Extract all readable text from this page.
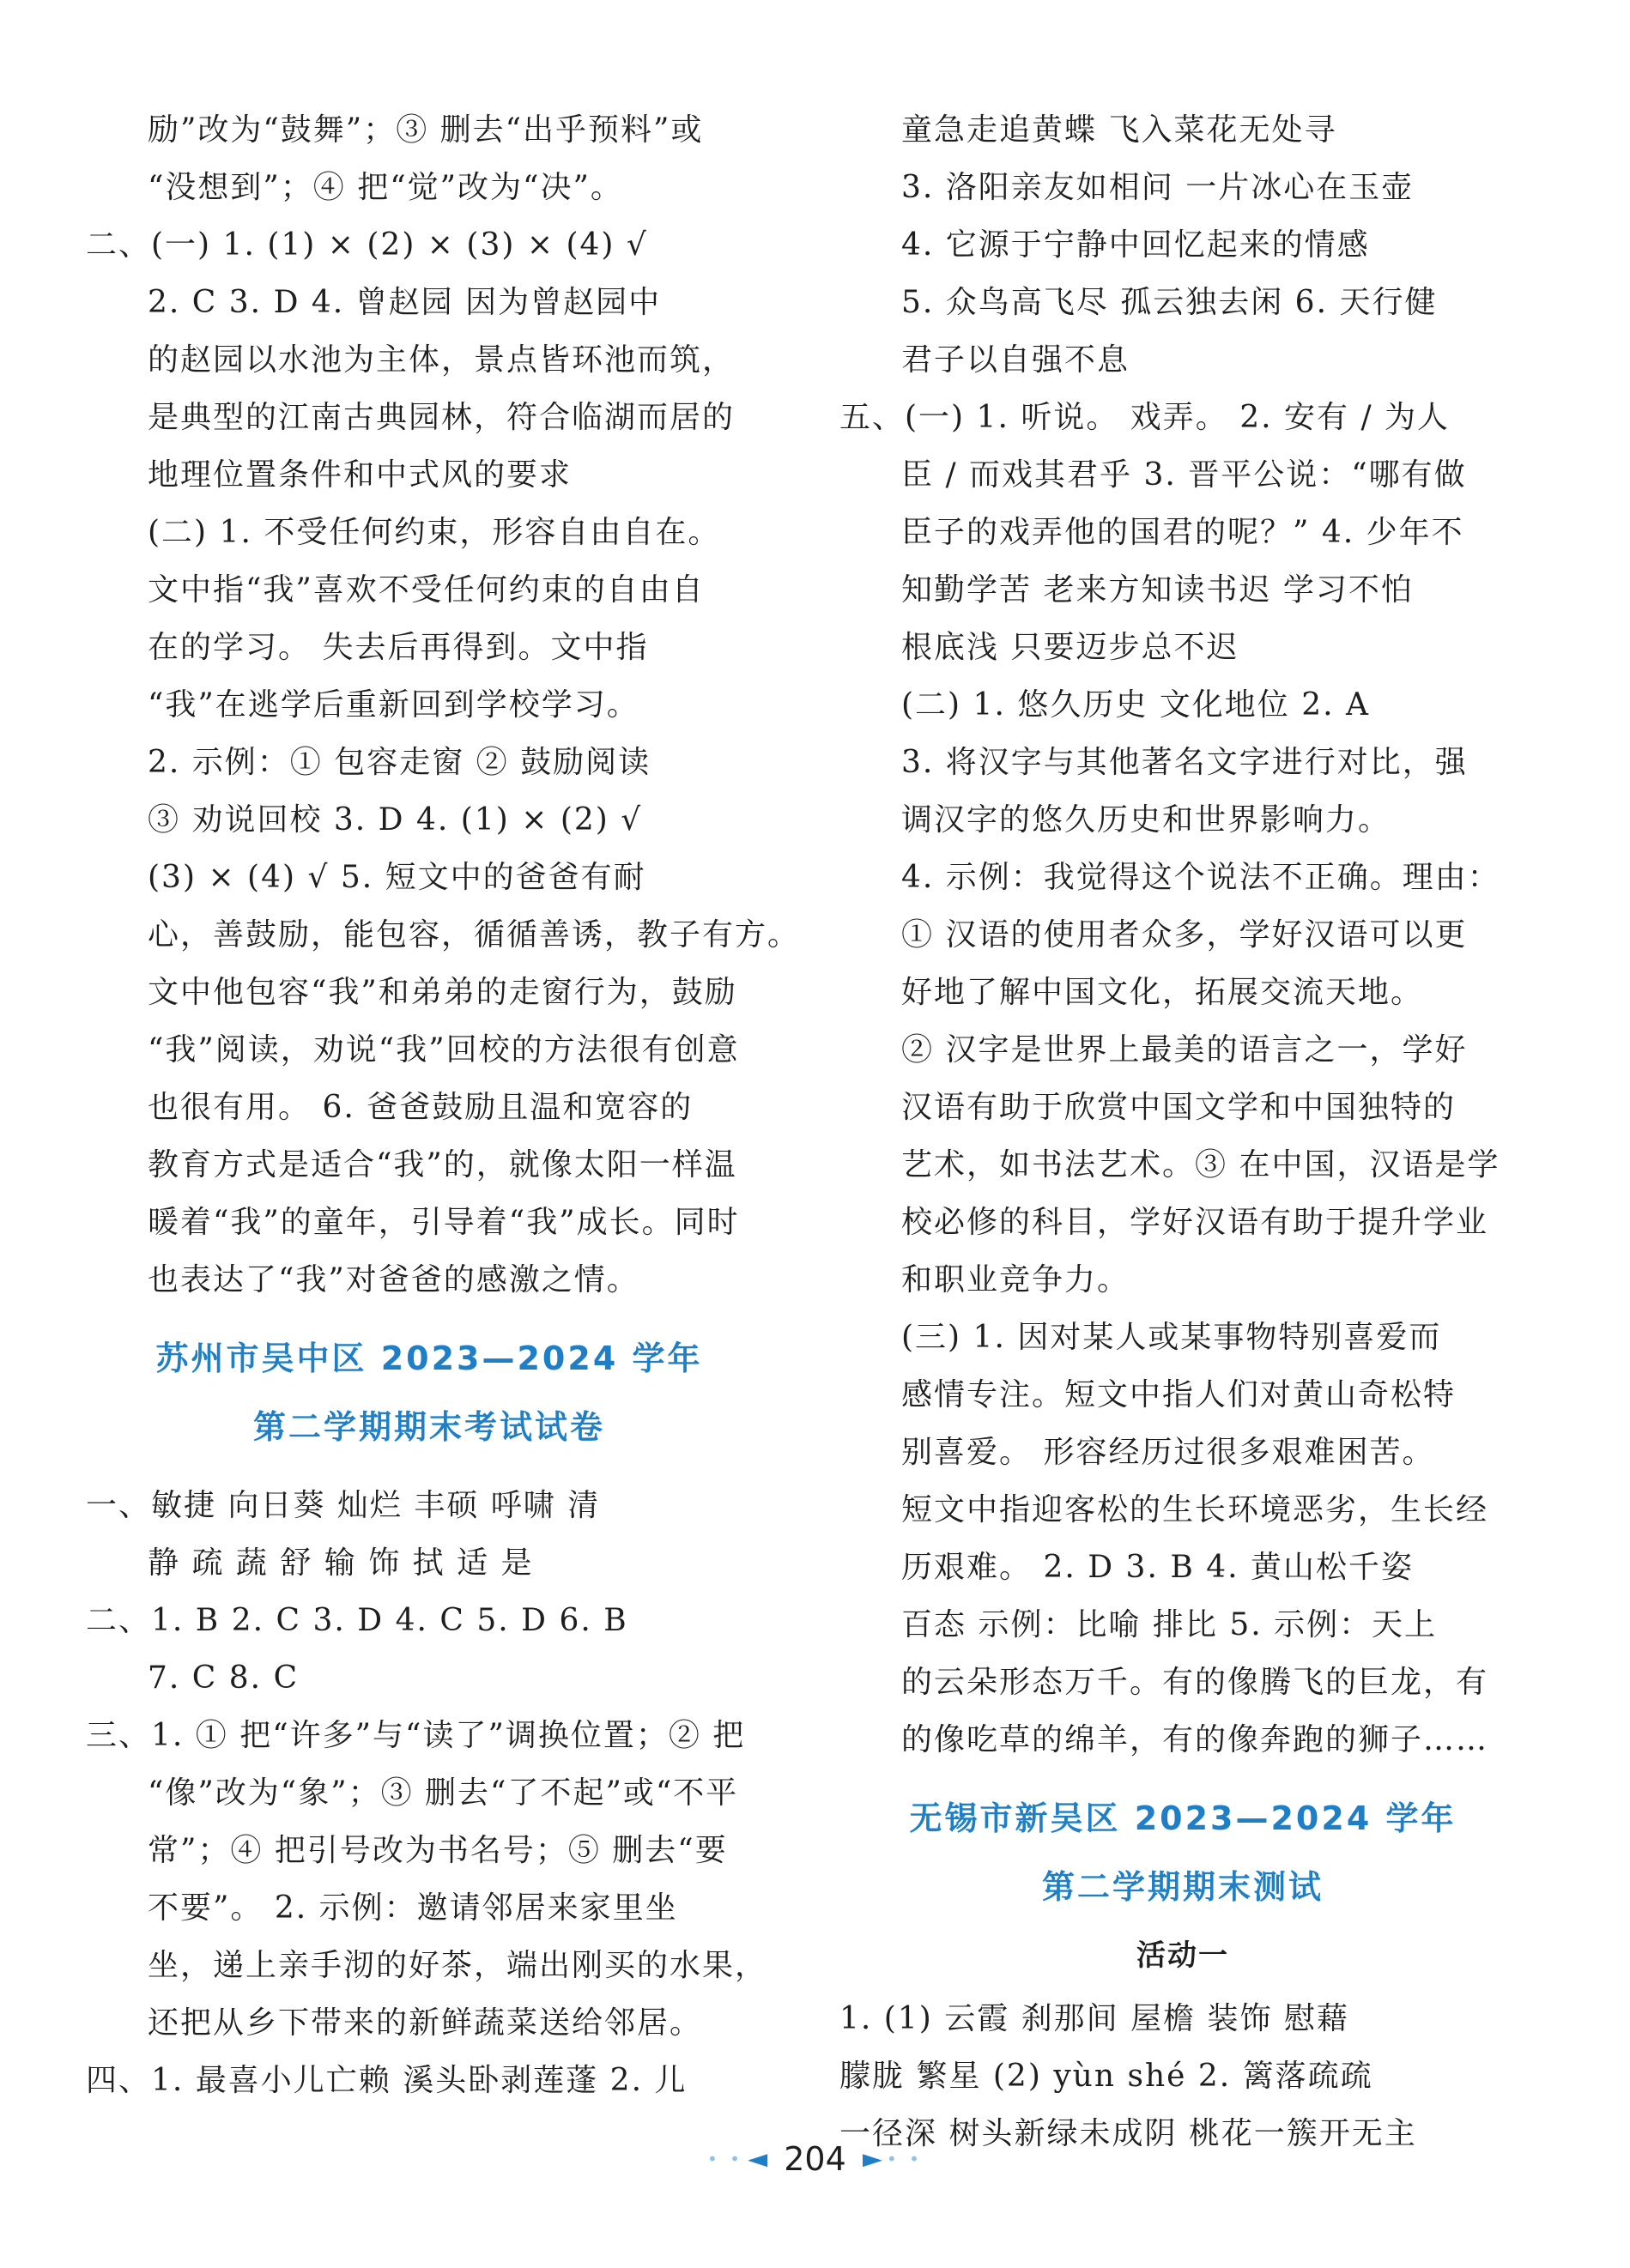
励”改为“鼓舞”；③ 删去“出乎预料”或
“没想到”；④ 把“觉”改为“决”。
二、(一) 1. (1) × (2) × (3) × (4) √
2. C 3. D 4. 曾赵园 因为曾赵园中
的赵园以水池为主体，景点皆环池而筑，
是典型的江南古典园林，符合临湖而居的
地理位置条件和中式风的要求
(二) 1. 不受任何约束，形容自由自在。
文中指“我”喜欢不受任何约束的自由自
在的学习。 失去后再得到。文中指
“我”在逃学后重新回到学校学习。
2. 示例：① 包容走窗 ② 鼓励阅读
③ 劝说回校 3. D 4. (1) × (2) √
(3) × (4) √ 5. 短文中的爸爸有耐
心，善鼓励，能包容，循循善诱，教子有方。
文中他包容“我”和弟弟的走窗行为，鼓励
“我”阅读，劝说“我”回校的方法很有创意
也很有用。 6. 爸爸鼓励且温和宽容的
教育方式是适合“我”的，就像太阳一样温
暖着“我”的童年，引导着“我”成长。同时
也表达了“我”对爸爸的感激之情。
苏州市吴中区 2023—2024 学年
第二学期期末考试试卷
一、敏捷 向日葵 灿烂 丰硕 呼啸 清
静 疏 蔬 舒 输 饰 拭 适 是
二、1. B 2. C 3. D 4. C 5. D 6. B
7. C 8. C
三、1. ① 把“许多”与“读了”调换位置；② 把
“像”改为“象”；③ 删去“了不起”或“不平
常”；④ 把引号改为书名号；⑤ 删去“要
不要”。 2. 示例：邀请邻居来家里坐
坐，递上亲手沏的好茶，端出刚买的水果，
还把从乡下带来的新鲜蔬菜送给邻居。
四、1. 最喜小儿亡赖 溪头卧剥莲蓬 2. 儿
童急走追黄蝶 飞入菜花无处寻
3. 洛阳亲友如相问 一片冰心在玉壶
4. 它源于宁静中回忆起来的情感
5. 众鸟高飞尽 孤云独去闲 6. 天行健
君子以自强不息
五、(一) 1. 听说。 戏弄。 2. 安有 / 为人
臣 / 而戏其君乎 3. 晋平公说：“哪有做
臣子的戏弄他的国君的呢？” 4. 少年不
知勤学苦 老来方知读书迟 学习不怕
根底浅 只要迈步总不迟
(二) 1. 悠久历史 文化地位 2. A
3. 将汉字与其他著名文字进行对比，强
调汉字的悠久历史和世界影响力。
4. 示例：我觉得这个说法不正确。理由：
① 汉语的使用者众多，学好汉语可以更
好地了解中国文化，拓展交流天地。
② 汉字是世界上最美的语言之一，学好
汉语有助于欣赏中国文学和中国独特的
艺术，如书法艺术。③ 在中国，汉语是学
校必修的科目，学好汉语有助于提升学业
和职业竞争力。
(三) 1. 因对某人或某事物特别喜爱而
感情专注。短文中指人们对黄山奇松特
别喜爱。 形容经历过很多艰难困苦。
短文中指迎客松的生长环境恶劣，生长经
历艰难。 2. D 3. B 4. 黄山松千姿
百态 示例：比喻 排比 5. 示例：天上
的云朵形态万千。有的像腾飞的巨龙，有
的像吃草的绵羊，有的像奔跑的狮子……
无锡市新吴区 2023—2024 学年
第二学期期末测试
活动一
1. (1) 云霞 刹那间 屋檐 装饰 慰藉
朦胧 繁星 (2) yùn shé 2. 篱落疏疏
一径深 树头新绿未成阴 桃花一簇开无主
• • ◄ 204 ► • •
